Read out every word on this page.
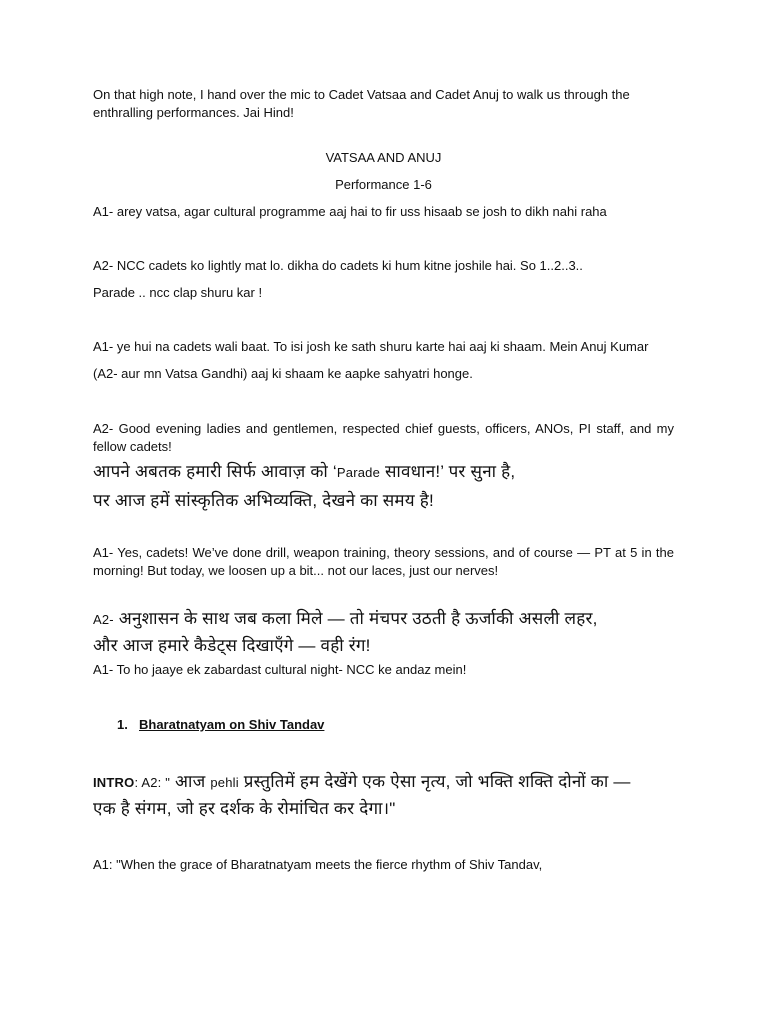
On that high note, I hand over the mic to Cadet Vatsaa and Cadet Anuj to walk us through the enthralling performances. Jai Hind!

VATSAA AND ANUJ

Performance 1-6

A1- arey vatsa, agar cultural programme aaj hai to fir uss hisaab se josh to dikh nahi raha

A2- NCC cadets ko lightly mat lo. dikha do cadets ki hum kitne joshile hai. So 1..2..3..

Parade .. ncc clap shuru kar !

A1- ye hui na cadets wali baat. To isi josh ke sath shuru karte hai aaj ki shaam. Mein Anuj Kumar

(A2- aur mn Vatsa Gandhi) aaj ki shaam ke aapke sahyatri honge.

A2- Good evening ladies and gentlemen, respected chief guests, officers, ANOs, PI staff, and my fellow cadets!

आपने अबतक हमारी सिर्फ आवाज़ को ‘Parade सावधान!’ पर सुना है,

पर आज हमें सांस्कृतिक अभिव्यक्ति, देखने का समय है!

A1- Yes, cadets! We’ve done drill, weapon training, theory sessions, and of course — PT at 5 in the morning! But today, we loosen up a bit... not our laces, just our nerves!

A2- अनुशासन के साथ जब कला मिले — तो मंचपर उठती है ऊर्जाकी असली लहर,

और आज हमारे कैडेट्स दिखाएँगे — वही रंग!

A1- To ho jaaye ek zabardast cultural night- NCC ke andaz mein!

1. Bharatnatyam on Shiv Tandav

INTRO: A2: " आज pehli प्रस्तुतिमें हम देखेंगे एक ऐसा नृत्य, जो भक्ति शक्ति दोनों का —

एक है संगम, जो हर दर्शक के रोमांचित कर देगा।"

A1: "When the grace of Bharatnatyam meets the fierce rhythm of Shiv Tandav,
